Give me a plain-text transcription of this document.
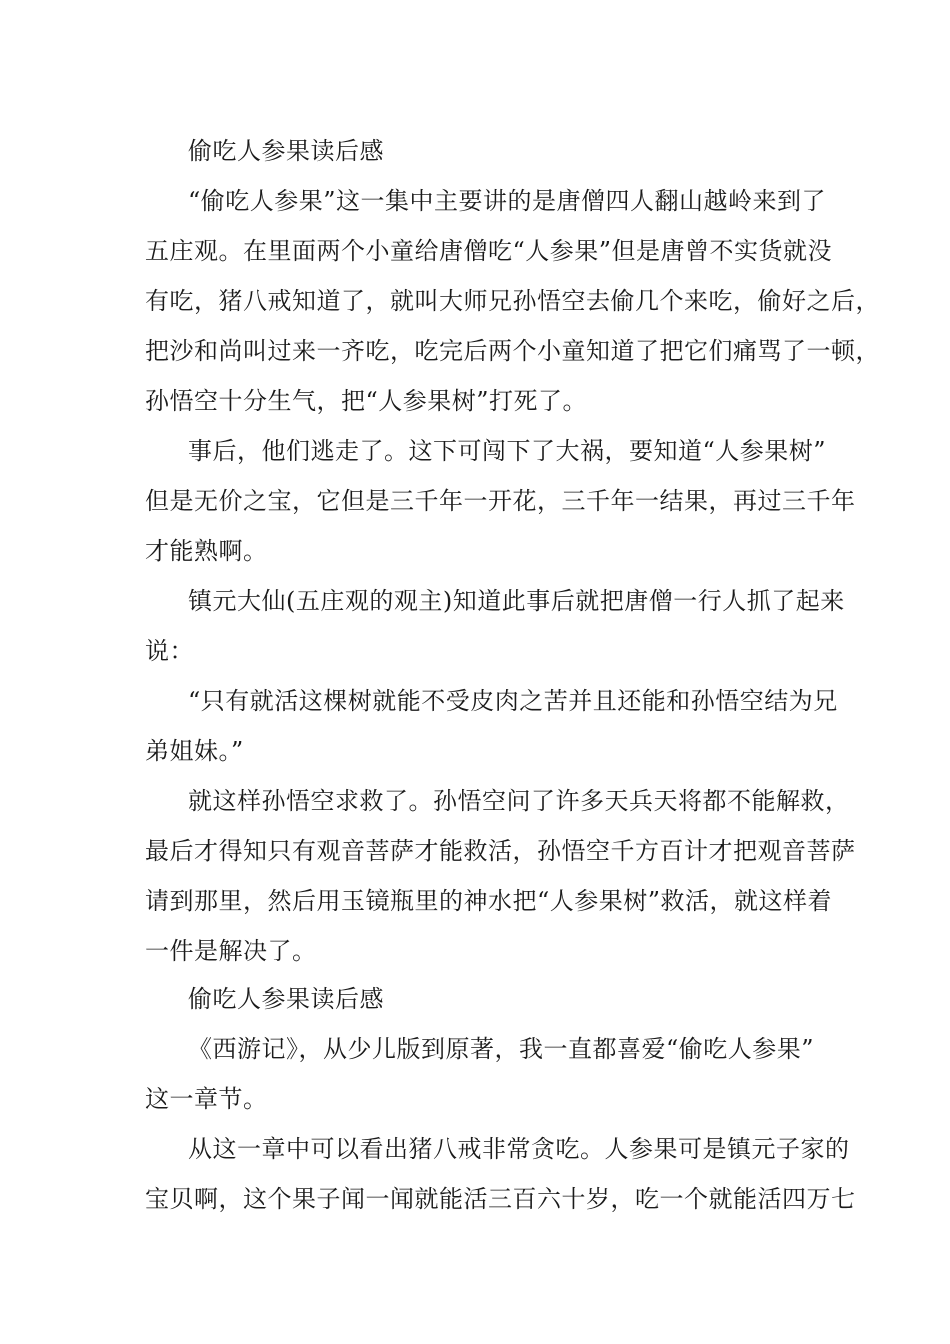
偷吃人参果读后感
“偷吃人参果”这一集中主要讲的是唐僧四人翻山越岭来到了
五庄观。在里面两个小童给唐僧吃“人参果”但是唐曾不实货就没
有吃，猪八戒知道了，就叫大师兄孙悟空去偷几个来吃，偷好之后，
把沙和尚叫过来一齐吃，吃完后两个小童知道了把它们痛骂了一顿，
孙悟空十分生气，把“人参果树”打死了。
事后，他们逃走了。这下可闯下了大祸，要知道“人参果树”
但是无价之宝，它但是三千年一开花，三千年一结果，再过三千年
才能熟啊。
镇元大仙(五庄观的观主)知道此事后就把唐僧一行人抓了起来
说：
“只有就活这棵树就能不受皮肉之苦并且还能和孙悟空结为兄
弟姐妹。”
就这样孙悟空求救了。孙悟空问了许多天兵天将都不能解救，
最后才得知只有观音菩萨才能救活，孙悟空千方百计才把观音菩萨
请到那里，然后用玉镜瓶里的神水把“人参果树”救活，就这样着
一件是解决了。
偷吃人参果读后感
《西游记》，从少儿版到原著，我一直都喜爱“偷吃人参果”
这一章节。
从这一章中可以看出猪八戒非常贪吃。人参果可是镇元子家的
宝贝啊，这个果子闻一闻就能活三百六十岁，吃一个就能活四万七
